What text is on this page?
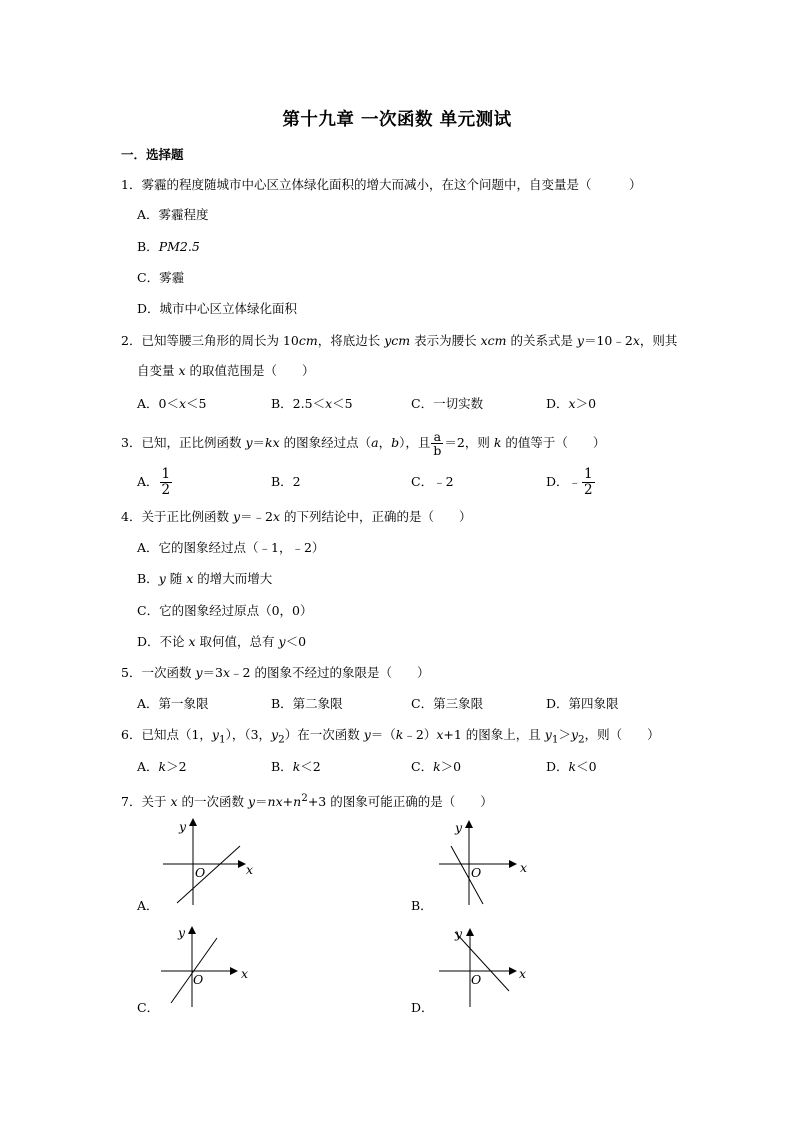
第十九章 一次函数 单元测试
一．选择题
1．雾霾的程度随城市中心区立体绿化面积的增大而减小，在这个问题中，自变量是（　　　）
A．雾霾程度
B．PM2.5
C．雾霾
D．城市中心区立体绿化面积
2．已知等腰三角形的周长为 10cm，将底边长 ycm 表示为腰长 xcm 的关系式是 y＝10﹣2x，则其
自变量 x 的取值范围是（　　）
A．0＜x＜5	B．2.5＜x＜5	C．一切实数	D．x＞0
3．已知，正比例函数 y＝kx 的图象经过点（a，b），且 $\frac{a}{b} =2$，则 k 的值等于（　　）
A． $\frac{1}{2}$	B．2	C．﹣2	D．﹣ $\frac{1}{2}$
4．关于正比例函数 y＝﹣2x 的下列结论中，正确的是（　　）
A．它的图象经过点（﹣1，﹣2）
B．y 随 x 的增大而增大
C．它的图象经过原点（0，0）
D．不论 x 取何值，总有 y＜0
5．一次函数 y＝3x﹣2 的图象不经过的象限是（　　）
A．第一象限	B．第二象限	C．第三象限	D．第四象限
6．已知点（1，$y_1$），（3，$y_2$）在一次函数 y＝（k﹣2）x+1 的图象上，且 $y_1>y_2$，则（　　）
A．k＞2	B．k＜2	C．k＞0	D．k＜0
7．关于 x 的一次函数 $y=nx+n^2+3$ 的图象可能正确的是（　　）
x
y
O
A．
x
y
O
B．
x
y
O
C．
x
y
O
D．
